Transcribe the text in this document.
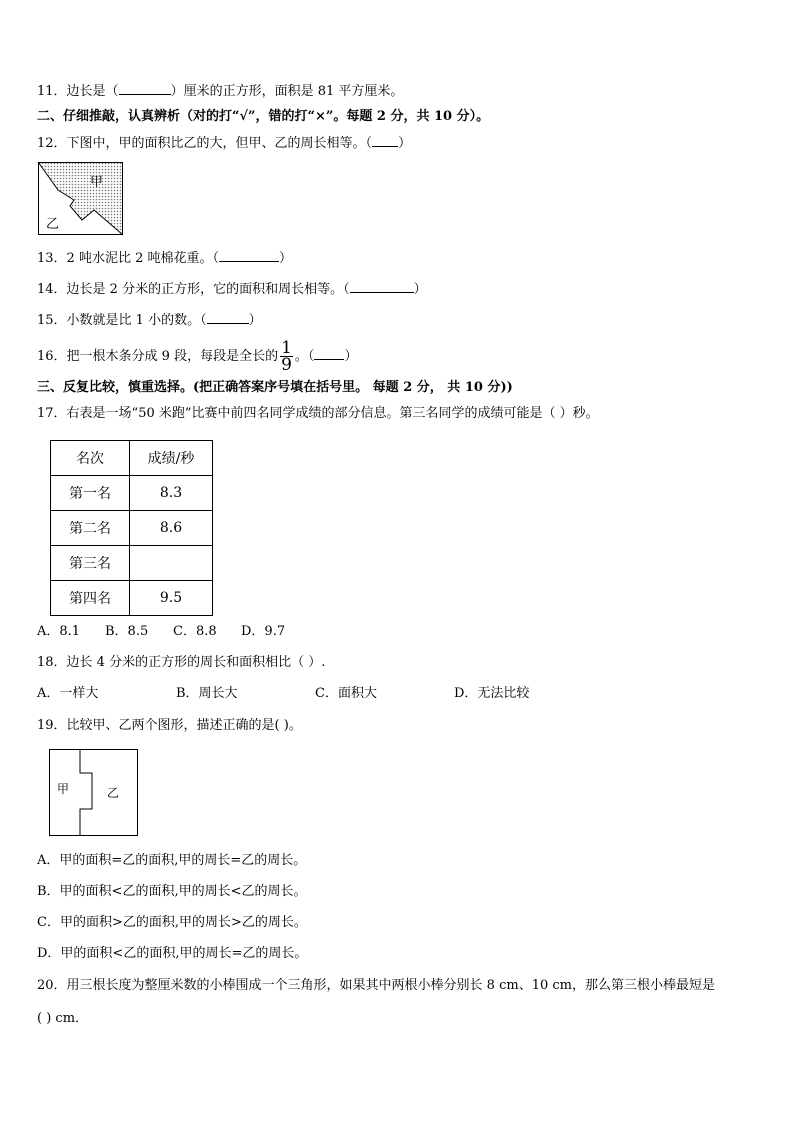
11．边长是（	）厘米的正方形，面积是 81 平方厘米。
二、仔细推敲，认真辨析（对的打“√”，错的打“×”。每题 2 分，共 10 分）。
12．下图中，甲的面积比乙的大，但甲、乙的周长相等。（ ）
甲
乙
13．2 吨水泥比 2 吨棉花重。（	）
14．边长是 2 分米的正方形，它的面积和周长相等。（	）
15．小数就是比 1 小的数。（	）
16．把一根木条分成 9 段，每段是全长的 $\frac{1}{9}$ 。（ ）
三、反复比较，慎重选择。(把正确答案序号填在括号里。 每题 2 分， 共 10 分))
17．右表是一场“50 米跑”比赛中前四名同学成绩的部分信息。第三名同学的成绩可能是（ ）秒。
名次	成绩/秒
第一名	8.3
第二名	8.6
第三名	
第四名	9.5
A．8.1 B．8.5 C．8.8 D．9.7
18．边长 4 分米的正方形的周长和面积相比（ ）.
A．一样大	B．周长大	C．面积大	D．无法比较
19．比较甲、乙两个图形，描述正确的是( )。
甲	乙
A．甲的面积=乙的面积,甲的周长=乙的周长。
B．甲的面积<乙的面积,甲的周长<乙的周长。
C．甲的面积>乙的面积,甲的周长>乙的周长。
D．甲的面积<乙的面积,甲的周长=乙的周长。
20．用三根长度为整厘米数的小棒围成一个三角形，如果其中两根小棒分别长 8 cm、10 cm，那么第三根小棒最短是
( ) cm．
